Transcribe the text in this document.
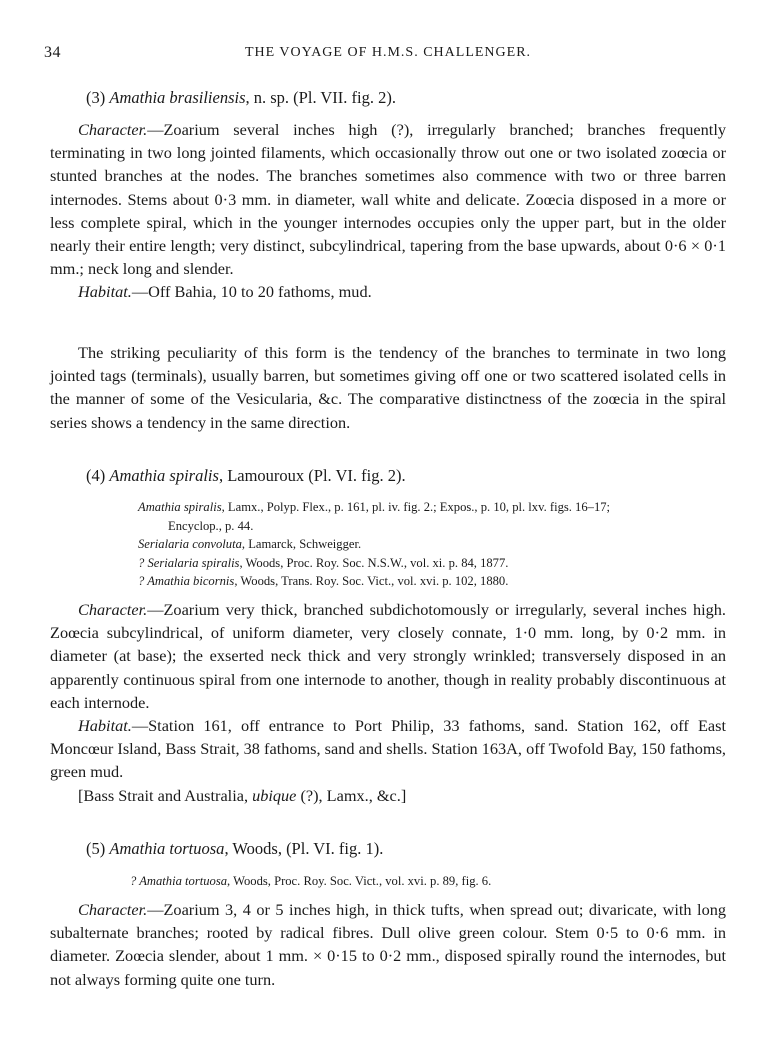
34	THE VOYAGE OF H.M.S. CHALLENGER.

(3) Amathia brasiliensis, n. sp. (Pl. VII. fig. 2).

Character.—Zoarium several inches high (?), irregularly branched; branches frequently terminating in two long jointed filaments, which occasionally throw out one or two isolated zoœcia or stunted branches at the nodes. The branches sometimes also commence with two or three barren internodes. Stems about 0·3 mm. in diameter, wall white and delicate. Zoœcia disposed in a more or less complete spiral, which in the younger internodes occupies only the upper part, but in the older nearly their entire length; very distinct, subcylindrical, tapering from the base upwards, about 0·6 × 0·1 mm.; neck long and slender.

Habitat.—Off Bahia, 10 to 20 fathoms, mud.

The striking peculiarity of this form is the tendency of the branches to terminate in two long jointed tags (terminals), usually barren, but sometimes giving off one or two scattered isolated cells in the manner of some of the Vesicularia, &c. The comparative distinctness of the zoœcia in the spiral series shows a tendency in the same direction.

(4) Amathia spiralis, Lamouroux (Pl. VI. fig. 2).

Amathia spiralis, Lamx., Polyp. Flex., p. 161, pl. iv. fig. 2.; Expos., p. 10, pl. lxv. figs. 16–17;

Encyclop., p. 44.

Serialaria convoluta, Lamarck, Schweigger.

? Serialaria spiralis, Woods, Proc. Roy. Soc. N.S.W., vol. xi. p. 84, 1877.

? Amathia bicornis, Woods, Trans. Roy. Soc. Vict., vol. xvi. p. 102, 1880.

Character.—Zoarium very thick, branched subdichotomously or irregularly, several inches high. Zoœcia subcylindrical, of uniform diameter, very closely connate, 1·0 mm. long, by 0·2 mm. in diameter (at base); the exserted neck thick and very strongly wrinkled; transversely disposed in an apparently continuous spiral from one internode to another, though in reality probably discontinuous at each internode.

Habitat.—Station 161, off entrance to Port Philip, 33 fathoms, sand. Station 162, off East Moncœur Island, Bass Strait, 38 fathoms, sand and shells. Station 163A, off Twofold Bay, 150 fathoms, green mud.

[Bass Strait and Australia, ubique (?), Lamx., &c.]

(5) Amathia tortuosa, Woods, (Pl. VI. fig. 1).

? Amathia tortuosa, Woods, Proc. Roy. Soc. Vict., vol. xvi. p. 89, fig. 6.

Character.—Zoarium 3, 4 or 5 inches high, in thick tufts, when spread out; divaricate, with long subalternate branches; rooted by radical fibres. Dull olive green colour. Stem 0·5 to 0·6 mm. in diameter. Zoœcia slender, about 1 mm. × 0·15 to 0·2 mm., disposed spirally round the internodes, but not always forming quite one turn.
